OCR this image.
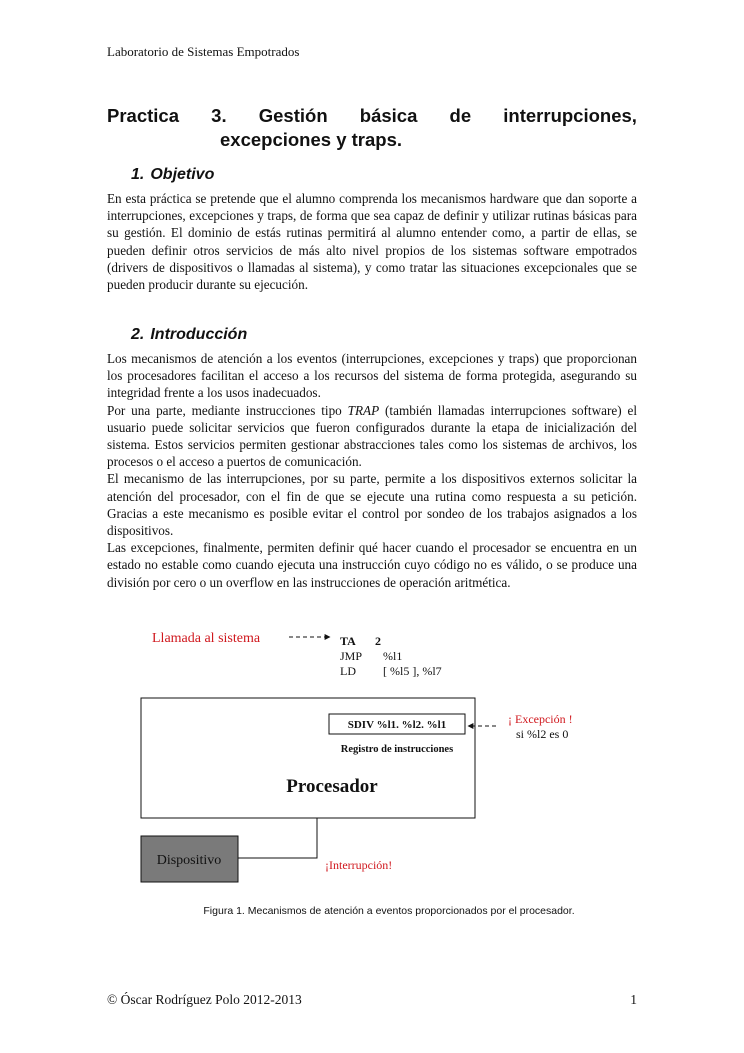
Laboratorio de Sistemas Empotrados
Practica 3. Gestión básica de interrupciones,
excepciones y traps.
1. Objetivo

En esta práctica se pretende que el alumno comprenda los mecanismos hardware que dan soporte a interrupciones, excepciones y traps, de forma que sea capaz de definir y utilizar rutinas básicas para su gestión. El dominio de estás rutinas permitirá al alumno entender como, a partir de ellas, se pueden definir otros servicios de más alto nivel propios de los sistemas software empotrados (drivers de dispositivos o llamadas al sistema), y como tratar las situaciones excepcionales que se pueden producir durante su ejecución.

2. Introducción

Los mecanismos de atención a los eventos (interrupciones, excepciones y traps) que proporcionan los procesadores facilitan el acceso a los recursos del sistema de forma protegida, asegurando su integridad frente a los usos inadecuados.

Por una parte, mediante instrucciones tipo TRAP (también llamadas interrupciones software) el usuario puede solicitar servicios que fueron configurados durante la etapa de inicialización del sistema. Estos servicios permiten gestionar abstracciones tales como los sistemas de archivos, los procesos o el acceso a puertos de comunicación.

El mecanismo de las interrupciones, por su parte, permite a los dispositivos externos solicitar la atención del procesador, con el fin de que se ejecute una rutina como respuesta a su petición. Gracias a este mecanismo es posible evitar el control por sondeo de los trabajos asignados a los dispositivos.

Las excepciones, finalmente, permiten definir qué hacer cuando el procesador se encuentra en un estado no estable como cuando ejecuta una instrucción cuyo código no es válido, o se produce una división por cero o un overflow en las instrucciones de operación aritmética.

Llamada al sistema	TA 2
JMP %l1
LD [ %l5 ], %l7
SDIV %l1. %l2. %l1
Registro de instrucciones
Procesador
¡ Excepción !
si %l2 es 0
Dispositivo	¡Interrupción!
Figura 1. Mecanismos de atención a eventos proporcionados por el procesador.
© Óscar Rodríguez Polo 2012-2013	1
